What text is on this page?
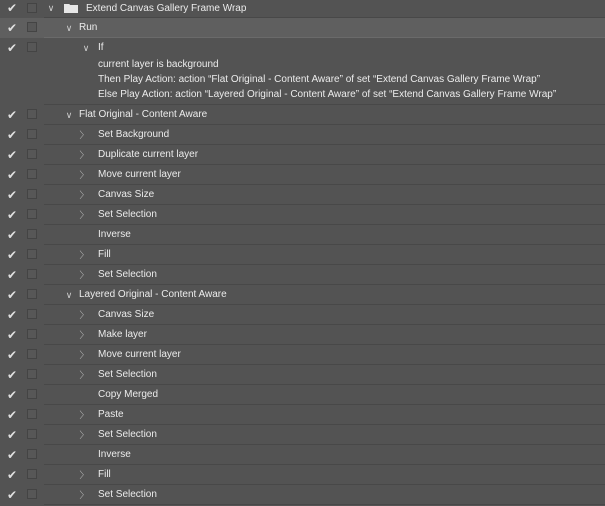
✔	∨	Extend Canvas Gallery Frame Wrap
✔	∨ Run
✔	∨ If
current layer is background
Then Play Action: action “Flat Original - Content Aware” of set “Extend Canvas Gallery Frame Wrap”
Else Play Action: action “Layered Original - Content Aware” of set “Extend Canvas Gallery Frame Wrap”
✔	∨ Flat Original - Content Aware
✔	〉 Set Background
✔	〉 Duplicate current layer
✔	〉 Move current layer
✔	〉 Canvas Size
✔	〉 Set Selection
✔	Inverse
✔	〉 Fill
✔	〉 Set Selection
✔	∨ Layered Original - Content Aware
✔	〉 Canvas Size
✔	〉 Make layer
✔	〉 Move current layer
✔	〉 Set Selection
✔	Copy Merged
✔	〉 Paste
✔	〉 Set Selection
✔	Inverse
✔	〉 Fill
✔	〉 Set Selection
